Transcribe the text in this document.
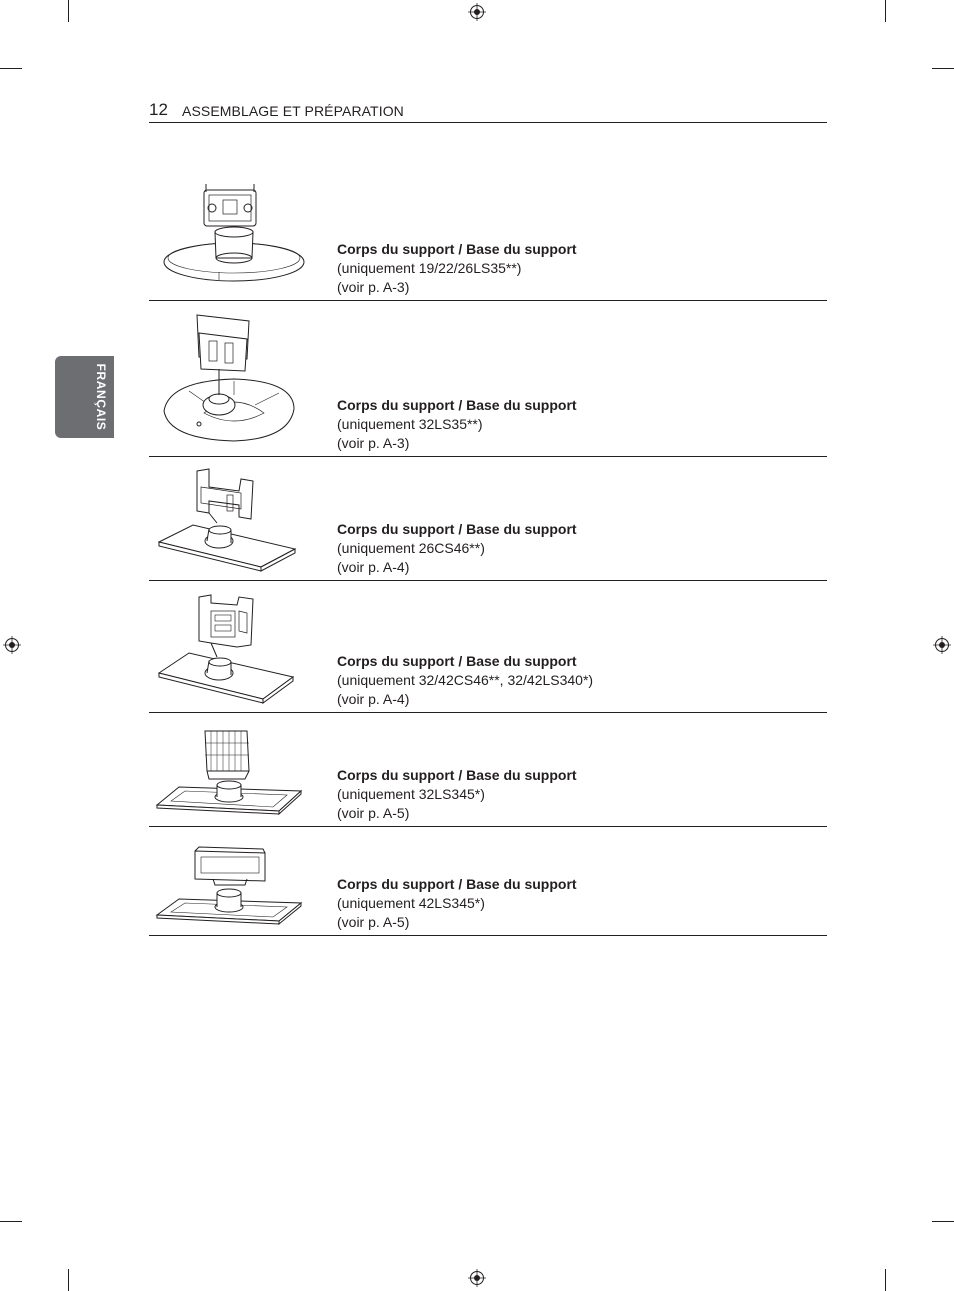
12 ASSEMBLAGE ET PRÉPARATION
FRANÇAIS
Corps du support / Base du support
(uniquement 19/22/26LS35**)
(voir p. A-3)
Corps du support / Base du support
(uniquement 32LS35**)
(voir p. A-3)
Corps du support / Base du support
(uniquement 26CS46**)
(voir p. A-4)
Corps du support / Base du support
(uniquement 32/42CS46**, 32/42LS340*)
(voir p. A-4)
Corps du support / Base du support
(uniquement 32LS345*)
(voir p. A-5)
Corps du support / Base du support
(uniquement 42LS345*)
(voir p. A-5)
